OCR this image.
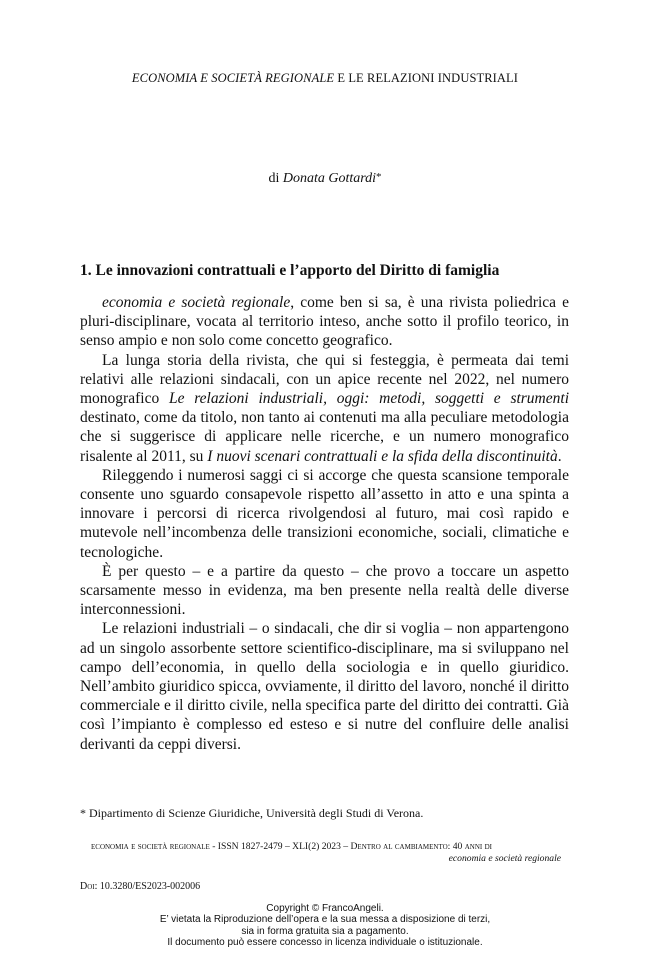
ECONOMIA E SOCIETÀ REGIONALE E LE RELAZIONI INDUSTRIALI
di Donata Gottardi*
1. Le innovazioni contrattuali e l’apporto del Diritto di famiglia

economia e società regionale, come ben si sa, è una rivista poliedrica e pluri-disciplinare, vocata al territorio inteso, anche sotto il profilo teorico, in senso ampio e non solo come concetto geografico.

La lunga storia della rivista, che qui si festeggia, è permeata dai temi relativi alle relazioni sindacali, con un apice recente nel 2022, nel numero monografico Le relazioni industriali, oggi: metodi, soggetti e strumenti destinato, come da titolo, non tanto ai contenuti ma alla peculiare metodologia che si suggerisce di applicare nelle ricerche, e un numero monografico risalente al 2011, su I nuovi scenari contrattuali e la sfida della discontinuità.

Rileggendo i numerosi saggi ci si accorge che questa scansione temporale consente uno sguardo consapevole rispetto all’assetto in atto e una spinta a innovare i percorsi di ricerca rivolgendosi al futuro, mai così rapido e mutevole nell’incombenza delle transizioni economiche, sociali, climatiche e tecnologiche.

È per questo – e a partire da questo – che provo a toccare un aspetto scarsamente messo in evidenza, ma ben presente nella realtà delle diverse interconnessioni.

Le relazioni industriali – o sindacali, che dir si voglia – non appartengono ad un singolo assorbente settore scientifico-disciplinare, ma si sviluppano nel campo dell’economia, in quello della sociologia e in quello giuridico. Nell’ambito giuridico spicca, ovviamente, il diritto del lavoro, nonché il diritto commerciale e il diritto civile, nella specifica parte del diritto dei contratti. Già così l’impianto è complesso ed esteso e si nutre del confluire delle analisi derivanti da ceppi diversi.

* Dipartimento di Scienze Giuridiche, Università degli Studi di Verona.
economia e società regionale - ISSN 1827-2479 – XLI(2) 2023 – Dentro al cambiamento: 40 anni di
economia e società regionale
Doi: 10.3280/ES2023-002006
Copyright © FrancoAngeli.
E’ vietata la Riproduzione dell’opera e la sua messa a disposizione di terzi,
sia in forma gratuita sia a pagamento.
Il documento può essere concesso in licenza individuale o istituzionale.
